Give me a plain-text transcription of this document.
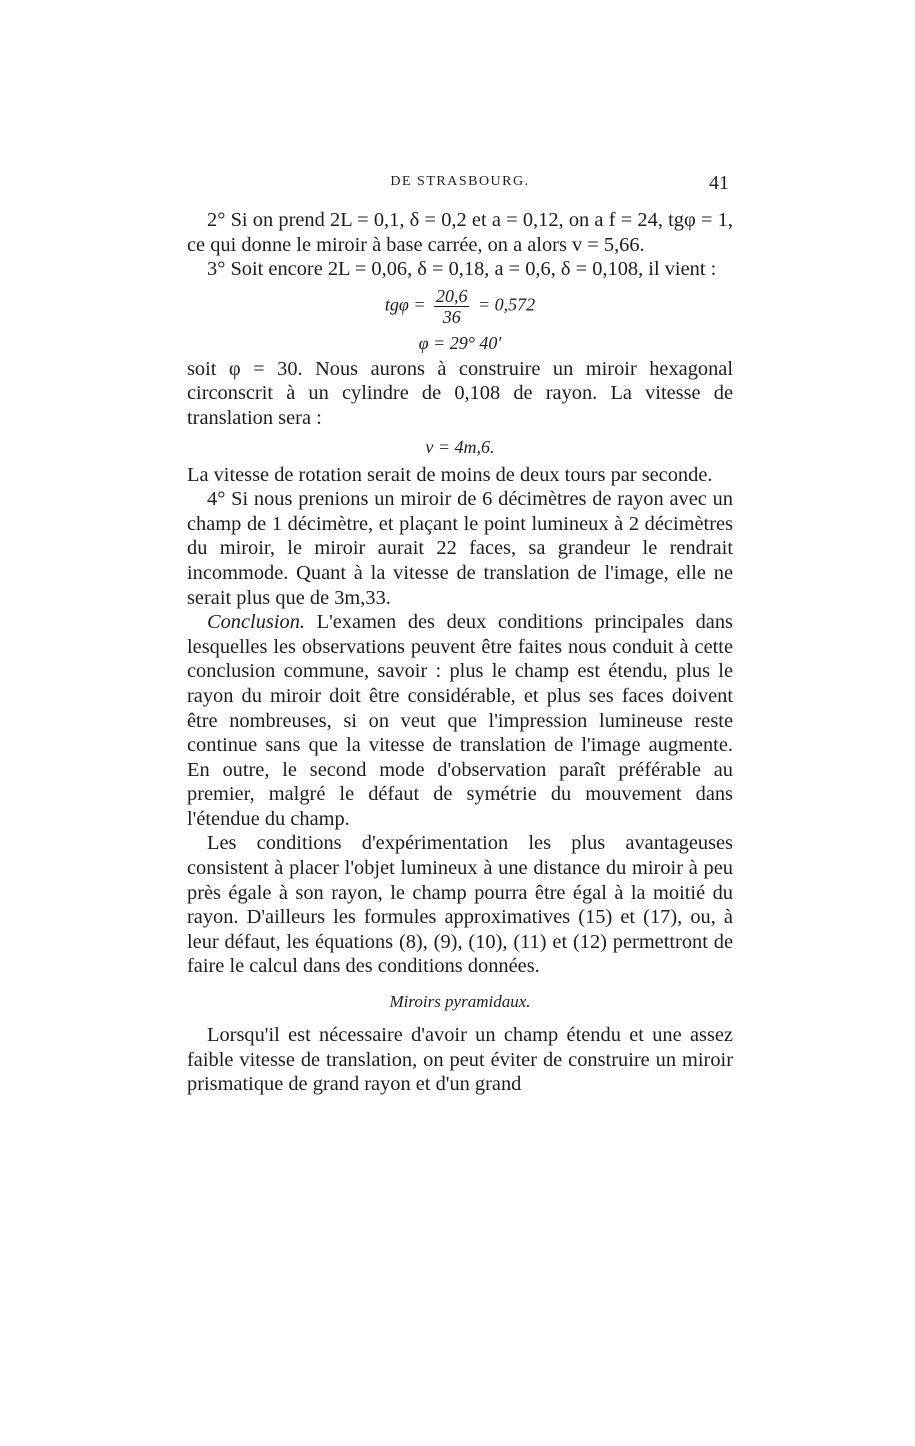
DE STRASBOURG.	41

2° Si on prend 2L = 0,1, δ = 0,2 et a = 0,12, on a f = 24, tgφ = 1, ce qui donne le miroir à base carrée, on a alors v = 5,66.

3° Soit encore 2L = 0,06, δ = 0,18, a = 0,6, δ = 0,108, il vient :

$tg\varphi = \frac{20,6}{36} = 0,572$
φ = 29° 40′

soit φ = 30. Nous aurons à construire un miroir hexagonal circonscrit à un cylindre de 0,108 de rayon. La vitesse de translation sera :

v = 4m,6.

La vitesse de rotation serait de moins de deux tours par seconde.

4° Si nous prenions un miroir de 6 décimètres de rayon avec un champ de 1 décimètre, et plaçant le point lumineux à 2 décimètres du miroir, le miroir aurait 22 faces, sa grandeur le rendrait incommode. Quant à la vitesse de translation de l'image, elle ne serait plus que de 3m,33.

Conclusion. L'examen des deux conditions principales dans lesquelles les observations peuvent être faites nous conduit à cette conclusion commune, savoir : plus le champ est étendu, plus le rayon du miroir doit être considérable, et plus ses faces doivent être nombreuses, si on veut que l'impression lumineuse reste continue sans que la vitesse de translation de l'image augmente. En outre, le second mode d'observation paraît préférable au premier, malgré le défaut de symétrie du mouvement dans l'étendue du champ.

Les conditions d'expérimentation les plus avantageuses consistent à placer l'objet lumineux à une distance du miroir à peu près égale à son rayon, le champ pourra être égal à la moitié du rayon. D'ailleurs les formules approximatives (15) et (17), ou, à leur défaut, les équations (8), (9), (10), (11) et (12) permettront de faire le calcul dans des conditions données.

Miroirs pyramidaux.

Lorsqu'il est nécessaire d'avoir un champ étendu et une assez faible vitesse de translation, on peut éviter de construire un miroir prismatique de grand rayon et d'un grand
